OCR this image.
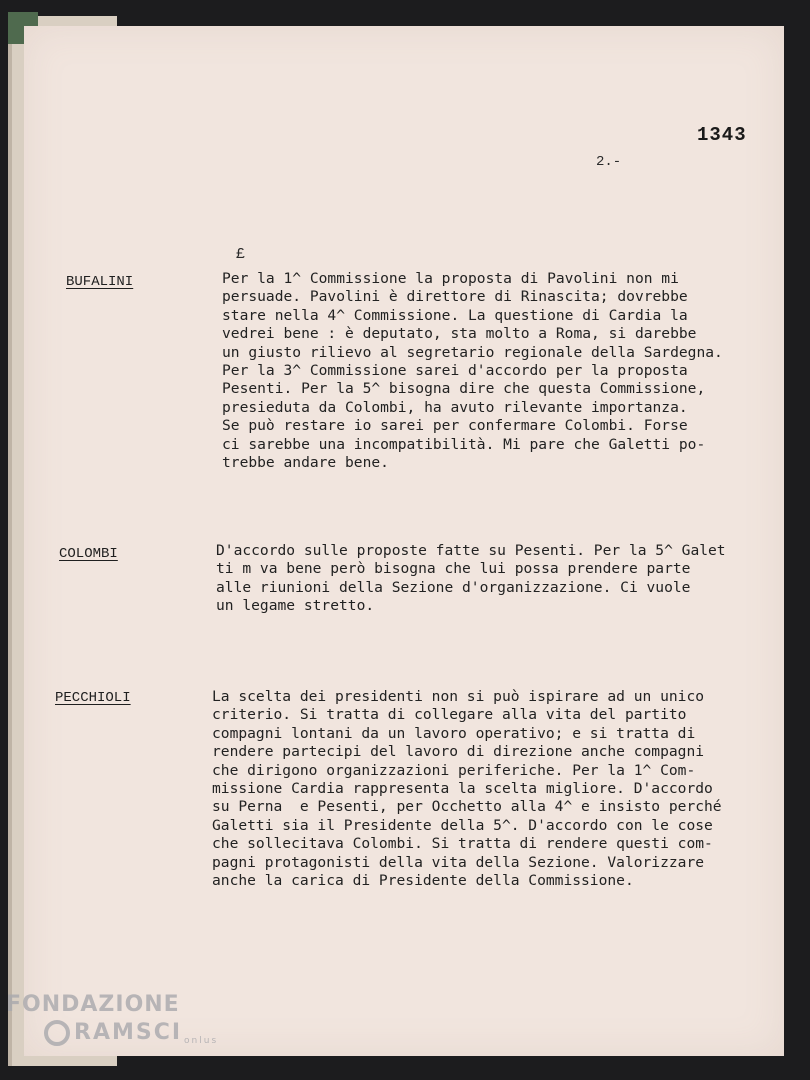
1343
2.-
£
BUFALINI	Per la 1^ Commissione la proposta di Pavolini non mi
persuade. Pavolini è direttore di Rinascita; dovrebbe
stare nella 4^ Commissione. La questione di Cardia la
vedrei bene : è deputato, sta molto a Roma, si darebbe
un giusto rilievo al segretario regionale della Sardegna.
Per la 3^ Commissione sarei d'accordo per la proposta
Pesenti. Per la 5^ bisogna dire che questa Commissione,
presieduta da Colombi, ha avuto rilevante importanza.
Se può restare io sarei per confermare Colombi. Forse
ci sarebbe una incompatibilità. Mi pare che Galetti po-
trebbe andare bene.
COLOMBI	D'accordo sulle proposte fatte su Pesenti. Per la 5^ Galet
ti m va bene però bisogna che lui possa prendere parte
alle riunioni della Sezione d'organizzazione. Ci vuole
un legame stretto.
PECCHIOLI	La scelta dei presidenti non si può ispirare ad un unico
criterio. Si tratta di collegare alla vita del partito
compagni lontani da un lavoro operativo; e si tratta di
rendere partecipi del lavoro di direzione anche compagni
che dirigono organizzazioni periferiche. Per la 1^ Com-
missione Cardia rappresenta la scelta migliore. D'accordo
su Perna  e Pesenti, per Occhetto alla 4^ e insisto perché
Galetti sia il Presidente della 5^. D'accordo con le cose
che sollecitava Colombi. Si tratta di rendere questi com-
pagni protagonisti della vita della Sezione. Valorizzare
anche la carica di Presidente della Commissione.
FONDAZIONE
RAMSCI onlus
